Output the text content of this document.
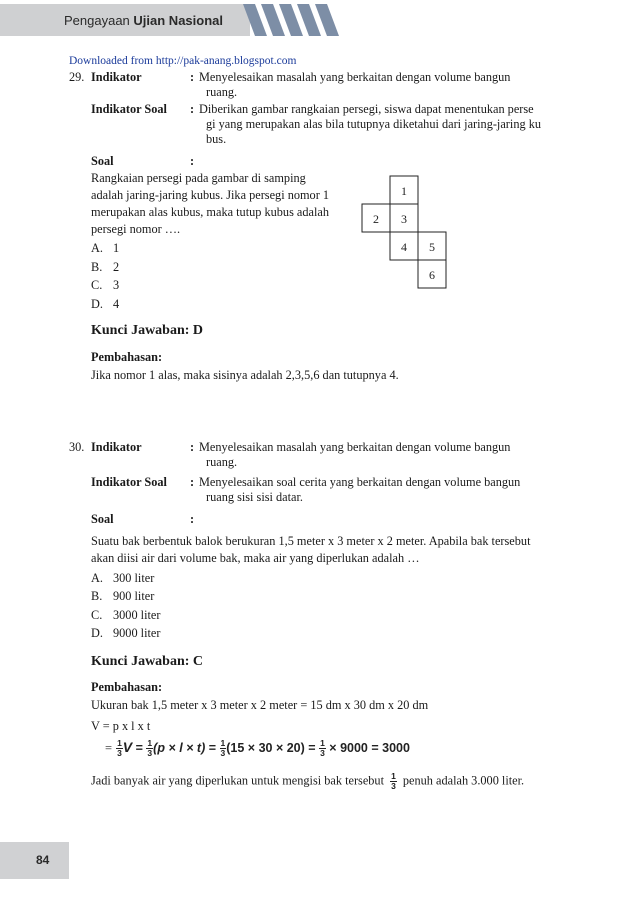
Pengayaan Ujian Nasional
Downloaded from http://pak-anang.blogspot.com
29. Indikator	: Menyelesaikan masalah yang berkaitan dengan volume bangun
ruang.
Indikator Soal : Diberikan gambar rangkaian persegi, siswa dapat menentukan perse
gi yang merupakan alas bila tutupnya diketahui dari jaring-jaring ku
bus.
Soal	:
Rangkaian persegi pada gambar di samping
adalah jaring-jaring kubus. Jika persegi nomor 1
merupakan alas kubus, maka tutup kubus adalah
persegi nomor ….
1
2 3
4 5
6
A. 1
B. 2
C. 3
D. 4
Kunci Jawaban: D
Pembahasan:
Jika nomor 1 alas, maka sisinya adalah 2,3,5,6 dan tutupnya 4.
30. Indikator	: Menyelesaikan masalah yang berkaitan dengan volume bangun
ruang.
Indikator Soal : Menyelesaikan soal cerita yang berkaitan dengan volume bangun
ruang sisi sisi datar.
Soal	:
Suatu bak berbentuk balok berukuran 1,5 meter x 3 meter x 2 meter. Apabila bak tersebut
akan diisi air dari volume bak, maka air yang diperlukan adalah …
A. 300 liter
B. 900 liter
C. 3000 liter
D. 9000 liter
Kunci Jawaban: C
Pembahasan:
Ukuran bak 1,5 meter x 3 meter x 2 meter = 15 dm x 30 dm x 20 dm
V = p x l x t
= $\frac{1}{3}$ $V = \frac{1}{3} (p \times l \times t) = \frac{1}{3} (15 \times 30 \times 20) = \frac{1}{3} \times 9000 = 3000$
Jadi banyak air yang diperlukan untuk mengisi bak tersebut $\frac{1}{3}$ penuh adalah 3.000 liter.
84
